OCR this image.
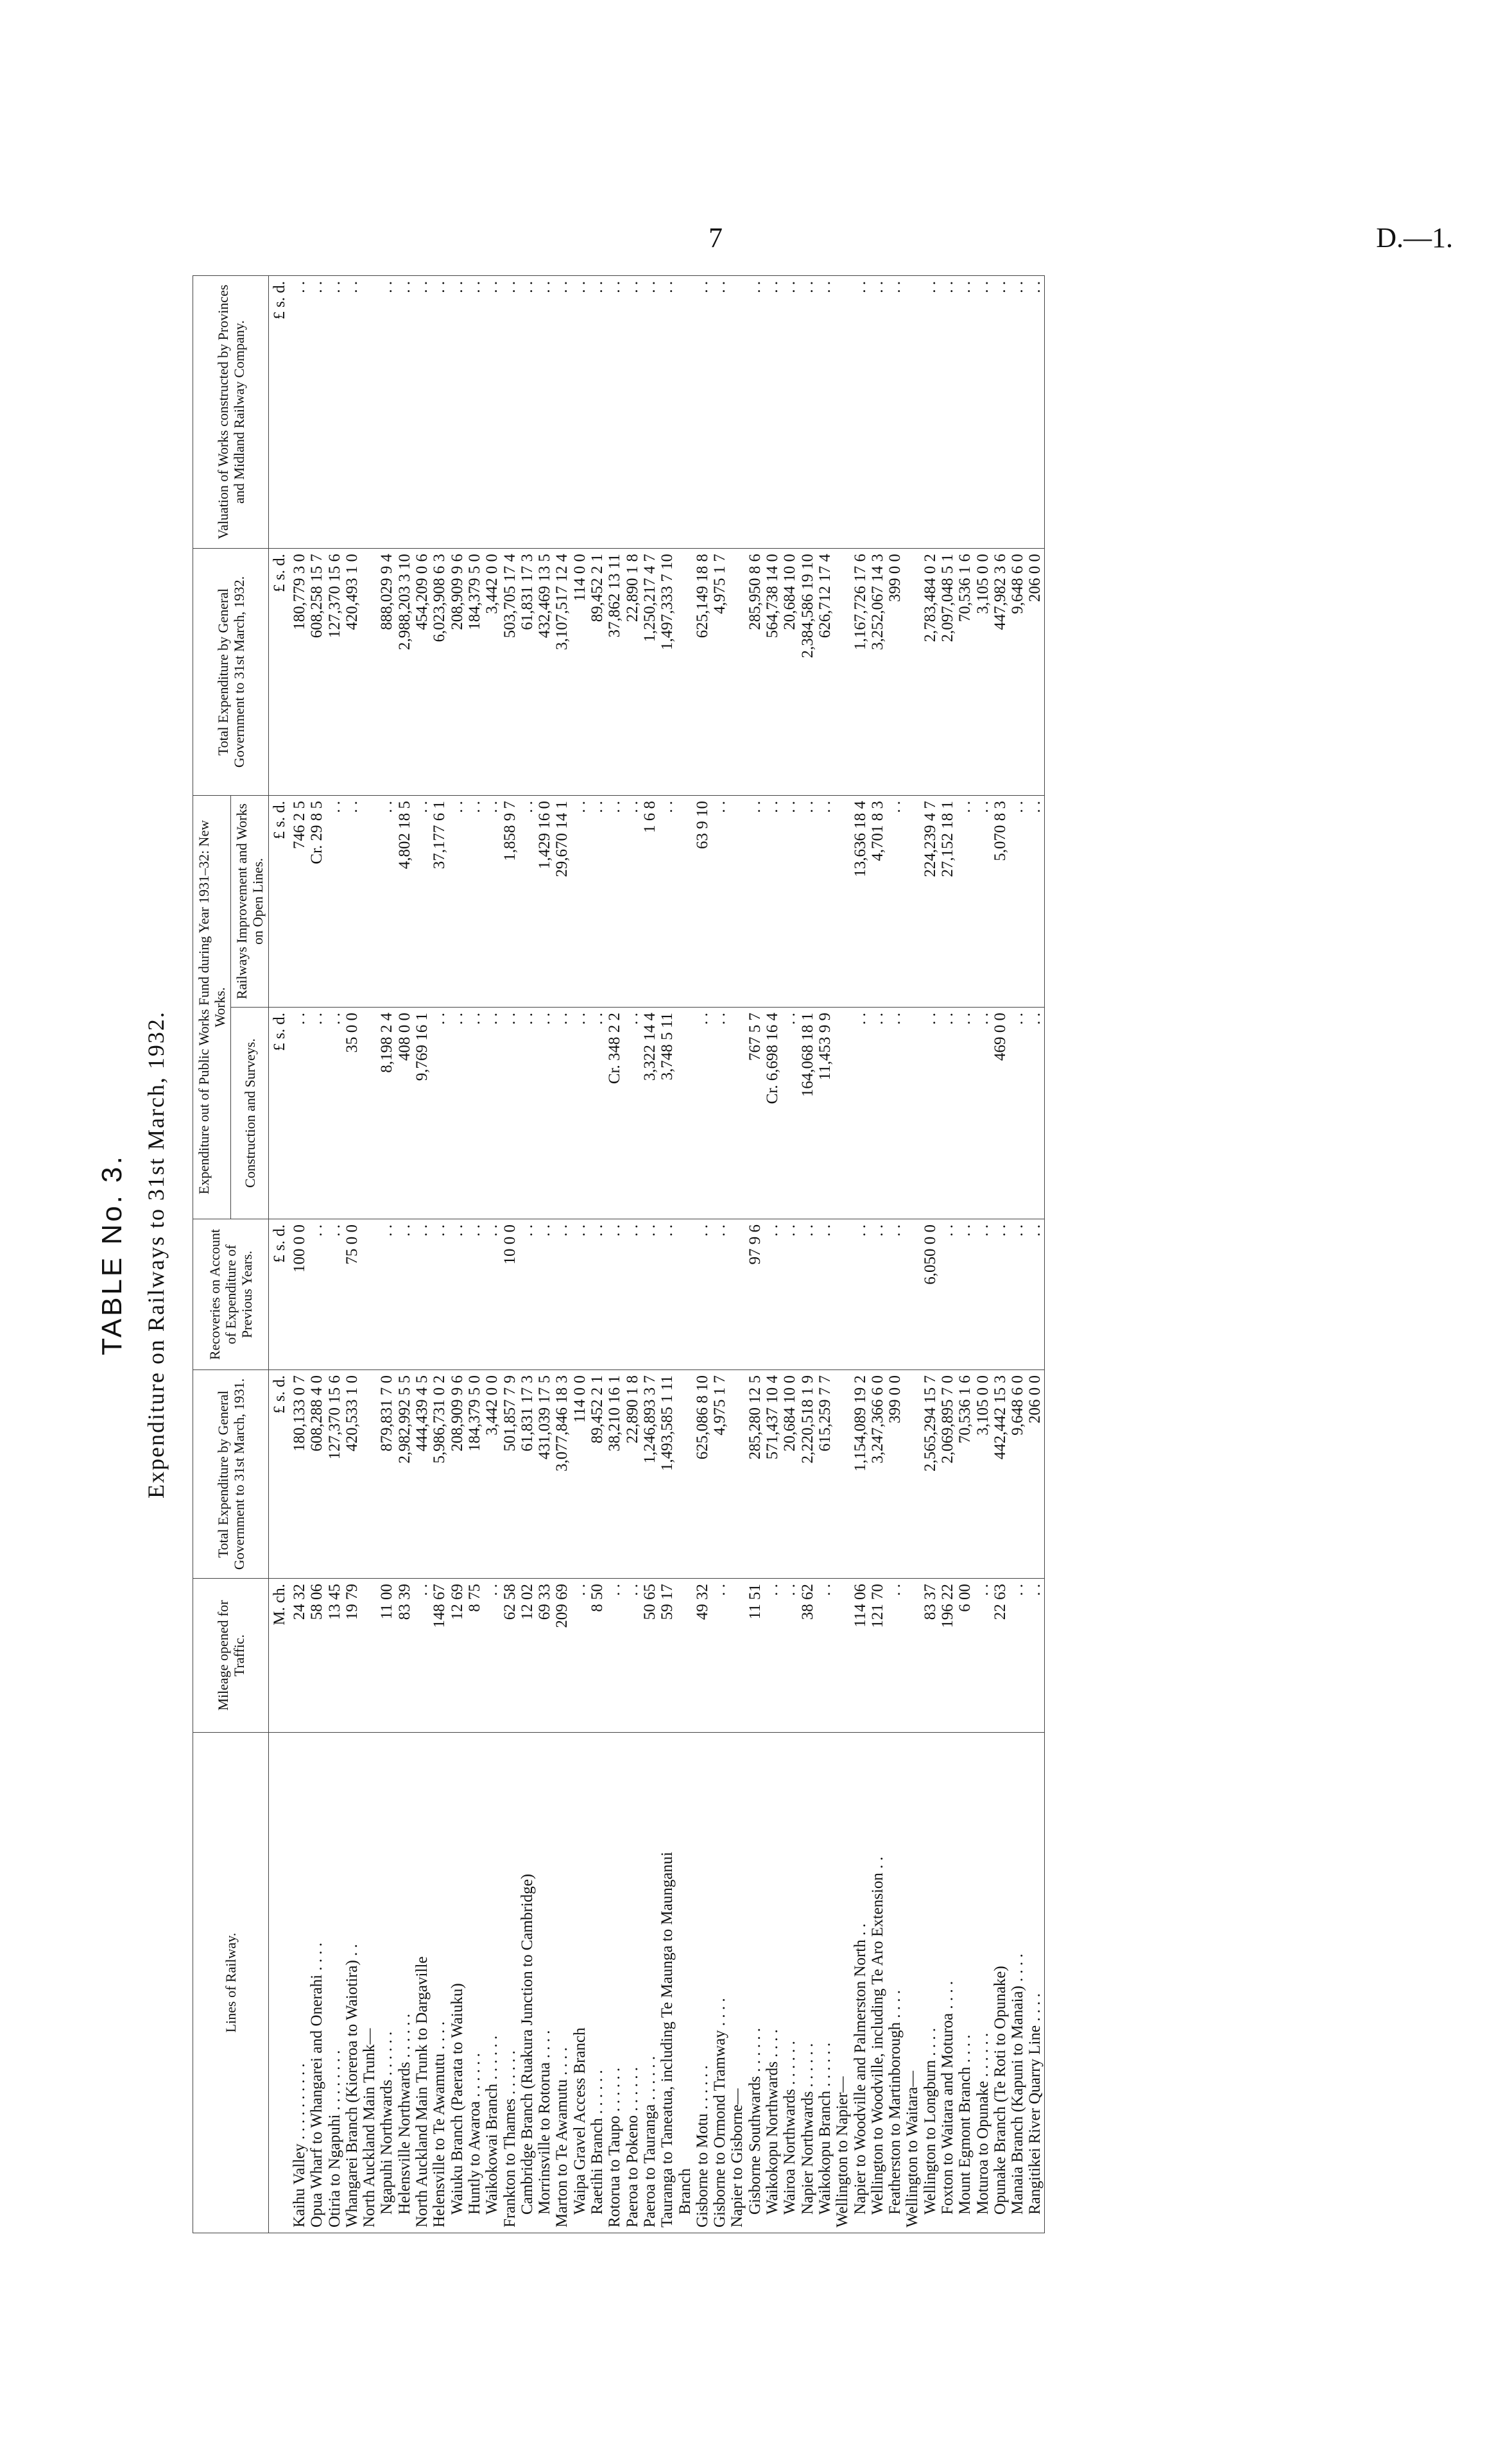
7	D.—1.
TABLE No. 3. Expenditure on Railways to 31st March, 1932.
Lines of Railway.	Mileage opened for Traffic.	Total Expenditure by General Government to 31st March, 1931.	Recoveries on Account of Expenditure of Previous Years.	Expenditure out of Public Works Fund during Year 1931–32: New Works.		Total Expenditure by General Government to 31st March, 1932.	Valuation of Works constructed by Provinces and Midland Railway Company.
				Construction and Surveys.	Railways Improvement and Works on Open Lines.		
	M. ch.	£ s. d.	£ s. d.	£ s. d.	£ s. d.	£ s. d.	£ s. d.
Kaihu Valley . . . . . . . . . .	24 32	180,133 0 7	100 0 0	. .	746 2 5	180,779 3 0	. .
Opua Wharf to Whangarei and Onerahi . . . .	58 06	608,288 4 0	. .	. .	Cr. 29 8 5	608,258 15 7	. .
Otiria to Ngapuhi . . . . . . . .	13 45	127,370 15 6	. .	. .	. .	127,370 15 6	. .
Whangarei Branch (Kioreroa to Waiotira) . .	19 79	420,533 1 0	75 0 0	35 0 0	. .	420,493 1 0	. .
North Auckland Main Trunk—							
Ngapuhi Northwards . . . . . .	11 00	879,831 7 0	. .	8,198 2 4	. .	888,029 9 4	. .
Helensville Northwards . . . . . .	83 39	2,982,992 5 5	. .	408 0 0	4,802 18 5	2,988,203 3 10	. .
North Auckland Main Trunk to Dargaville	. .	444,439 4 5	. .	9,769 16 1	. .	454,209 0 6	. .
Helensville to Te Awamutu . . . .	148 67	5,986,731 0 2	. .	. .	37,177 6 1	6,023,908 6 3	. .
Waiuku Branch (Paerata to Waiuku)	12 69	208,909 9 6	. .	. .	. .	208,909 9 6	. .
Huntly to Awaroa . . . . . .	8 75	184,379 5 0	. .	. .	. .	184,379 5 0	. .
Waikokowai Branch . . . . . .	. .	3,442 0 0	. .	. .	. .	3,442 0 0	. .
Frankton to Thames . . . . . .	62 58	501,857 7 9	10 0 0	. .	1,858 9 7	503,705 17 4	. .
Cambridge Branch (Ruakura Junction to Cambridge)	12 02	61,831 17 3	. .	. .	. .	61,831 17 3	. .
Morrinsville to Rotorua . . . .	69 33	431,039 17 5	. .	. .	1,429 16 0	432,469 13 5	. .
Marton to Te Awamutu . . . .	209 69	3,077,846 18 3	. .	. .	29,670 14 1	3,107,517 12 4	. .
Waipa Gravel Access Branch	. .	114 0 0	. .	. .	. .	114 0 0	. .
Raetihi Branch . . . . . .	8 50	89,452 2 1	. .	. .	. .	89,452 2 1	. .
Rotorua to Taupo . . . . . .	. .	38,210 16 1	. .	Cr. 348 2 2	. .	37,862 13 11	. .
Paeroa to Pokeno . . . . . .	. .	22,890 1 8	. .	. .	. .	22,890 1 8	. .
Paeroa to Tauranga . . . . . .	50 65	1,246,893 3 7	. .	3,322 14 4	1 6 8	1,250,217 4 7	. .
Tauranga to Taneatua, including Te Maunga to Maunganui	59 17	1,493,585 1 11	. .	3,748 5 11	. .	1,497,333 7 10	. .
Branch							
Gisborne to Motu . . . . . .	49 32	625,086 8 10	. .	. .	63 9 10	625,149 18 8	. .
Gisborne to Ormond Tramway . . . .	. .	4,975 1 7	. .	. .	. .	4,975 1 7	. .
Napier to Gisborne—							
Gisborne Southwards . . . . . .	11 51	285,280 12 5	97 9 6	767 5 7	. .	285,950 8 6	. .
Waikokopu Northwards . . . .	. .	571,437 10 4	. .	Cr. 6,698 16 4	. .	564,738 14 0	. .
Wairoa Northwards . . . . . .	. .	20,684 10 0	. .	. .	. .	20,684 10 0	. .
Napier Northwards . . . . . .	38 62	2,220,518 1 9	. .	164,068 18 1	. .	2,384,586 19 10	. .
Waikokopu Branch . . . . . .	. .	615,259 7 7	. .	11,453 9 9	. .	626,712 17 4	. .
Wellington to Napier—							
Napier to Woodville and Palmerston North . .	114 06	1,154,089 19 2	. .	. .	13,636 18 4	1,167,726 17 6	. .
Wellington to Woodville, including Te Aro Extension . .	121 70	3,247,366 6 0	. .	. .	4,701 8 3	3,252,067 14 3	. .
Featherston to Martinborough . . . .	. .	399 0 0	. .	. .	. .	399 0 0	. .
Wellington to Waitara—							
Wellington to Longburn . . . .	83 37	2,565,294 15 7	6,050 0 0	. .	224,239 4 7	2,783,484 0 2	. .
Foxton to Waitara and Moturoa . . . .	196 22	2,069,895 7 0	. .	. .	27,152 18 1	2,097,048 5 1	. .
Mount Egmont Branch . . . .	6 00	70,536 1 6	. .	. .	. .	70,536 1 6	. .
Moturoa to Opunake . . . . . .	. .	3,105 0 0	. .	. .	. .	3,105 0 0	. .
Opunake Branch (Te Roti to Opunake)	22 63	442,442 15 3	. .	469 0 0	5,070 8 3	447,982 3 6	. .
Manaia Branch (Kapuni to Manaia) . . . .	. .	9,648 6 0	. .	. .	. .	9,648 6 0	. .
Rangitikei River Quarry Line . . . .	. .	206 0 0	. .	. .	. .	206 0 0	. .
